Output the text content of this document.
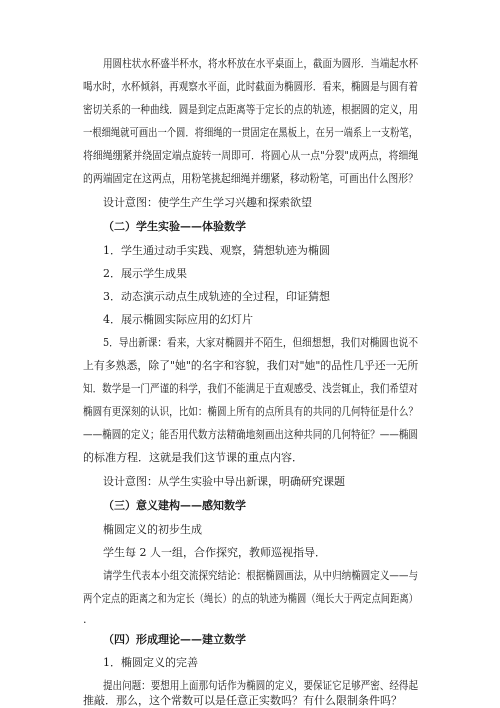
用圆柱状水杯盛半杯水，将水杯放在水平桌面上，截面为圆形．当端起水杯
喝水时，水杯倾斜，再观察水平面，此时截面为椭圆形．看来，椭圆是与圆有着
密切关系的一种曲线．圆是到定点距离等于定长的点的轨迹，根据圆的定义，用
一根细绳就可画出一个圆．将细绳的一贯固定在黑板上，在另一端系上一支粉笔，
将细绳绷紧并绕固定端点旋转一周即可．将圆心从一点"分裂"成两点，将细绳
的两端固定在这两点，用粉笔挑起细绳并绷紧，移动粉笔，可画出什么图形？
设计意图：使学生产生学习兴趣和探索欲望
（二）学生实验——体验数学
1．学生通过动手实践、观察，猜想轨迹为椭圆
2．展示学生成果
3．动态演示动点生成轨迹的全过程，印证猜想
4．展示椭圆实际应用的幻灯片
5．导出新课：看来，大家对椭圆并不陌生，但细想想，我们对椭圆也说不
上有多熟悉，除了"她"的名字和容貌，我们对"她"的品性几乎还一无所
知．数学是一门严谨的科学，我们不能满足于直观感受、浅尝辄止，我们希望对
椭圆有更深刻的认识，比如：椭圆上所有的点所具有的共同的几何特征是什么？
——椭圆的定义；能否用代数方法精确地刻画出这种共同的几何特征？——椭圆
的标准方程．这就是我们这节课的重点内容．
设计意图：从学生实验中导出新课，明确研究课题
（三）意义建构——感知数学
椭圆定义的初步生成
学生每 2 人一组，合作探究，教师巡视指导．
请学生代表本小组交流探究结论：根据椭圆画法，从中归纳椭圆定义——与
两个定点的距离之和为定长（绳长）的点的轨迹为椭圆（绳长大于两定点间距离）
.
（四）形成理论——建立数学
1．椭圆定义的完善
提出问题：要想用上面那句话作为椭圆的定义，要保证它足够严密、经得起
推敲．那么，这个常数可以是任意正实数吗？有什么限制条件吗？
